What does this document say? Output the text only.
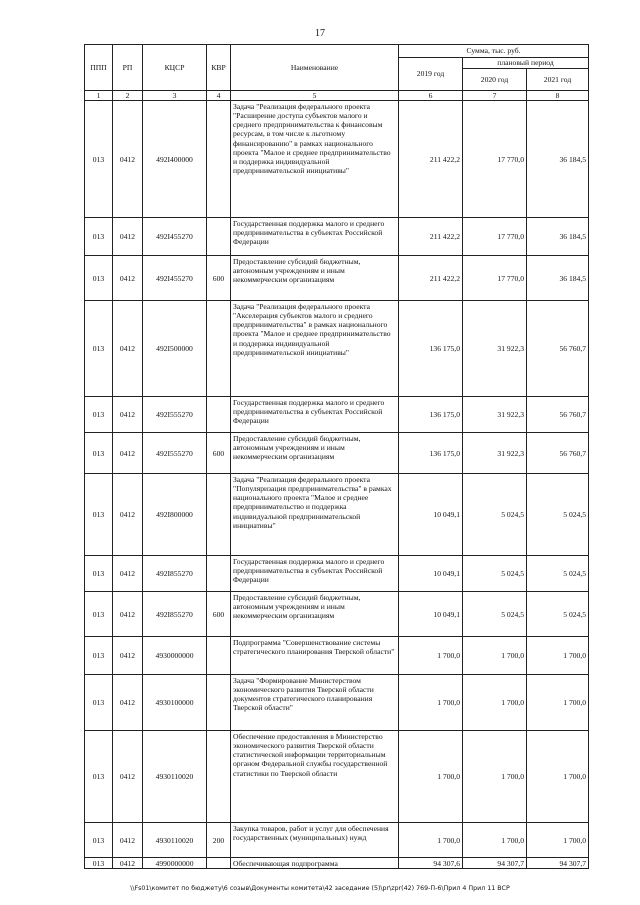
17
ППП	РП	КЦСР	КВР	Наименование	Сумма, тыс. руб.		
					2019 год	плановый период	
						2020 год	2021 год
1	2	3	4	5	6	7	8
013	0412	492I400000		Задача "Реализация федерального проекта "Расширение доступа субъектов малого и среднего предпринимательства к финансовым ресурсам, в том числе к льготному финансированию" в рамках национального проекта "Малое и среднее предпринимательство и поддержка индивидуальной предпринимательской инициативы"	211 422,2	17 770,0	36 184,5
013	0412	492I455270		Государственная поддержка малого и среднего предпринимательства в субъектах Российской Федерации	211 422,2	17 770,0	36 184,5
013	0412	492I455270	600	Предоставление субсидий бюджетным, автономным учреждениям и иным некоммерческим организациям	211 422,2	17 770,0	36 184,5
013	0412	492I500000		Задача "Реализация федерального проекта "Акселерация субъектов малого и среднего предпринимательства" в рамках национального проекта "Малое и среднее предпринимательство и поддержка индивидуальной предпринимательской инициативы"	136 175,0	31 922,3	56 760,7
013	0412	492I555270		Государственная поддержка малого и среднего предпринимательства в субъектах Российской Федерации	136 175,0	31 922,3	56 760,7
013	0412	492I555270	600	Предоставление субсидий бюджетным, автономным учреждениям и иным некоммерческим организациям	136 175,0	31 922,3	56 760,7
013	0412	492I800000		Задача "Реализация федерального проекта "Популяризация предпринимательства" в рамках национального проекта "Малое и среднее предпринимательство и поддержка индивидуальной предпринимательской инициативы"	10 049,1	5 024,5	5 024,5
013	0412	492I855270		Государственная поддержка малого и среднего предпринимательства в субъектах Российской Федерации	10 049,1	5 024,5	5 024,5
013	0412	492I855270	600	Предоставление субсидий бюджетным, автономным учреждениям и иным некоммерческим организациям	10 049,1	5 024,5	5 024,5
013	0412	4930000000		Подпрограмма "Совершенствование системы стратегического планирования Тверской области"	1 700,0	1 700,0	1 700,0
013	0412	4930100000		Задача "Формирование Министерством экономического развития Тверской области документов стратегического планирования Тверской области"	1 700,0	1 700,0	1 700,0
013	0412	4930110020		Обеспечение предоставления в Министерство экономического развития Тверской области статистической информации территориальным органом Федеральной службы государственной статистики по Тверской области	1 700,0	1 700,0	1 700,0
013	0412	4930110020	200	Закупка товаров, работ и услуг для обеспечения государственных (муниципальных) нужд	1 700,0	1 700,0	1 700,0
013	0412	4990000000		Обеспечивающая подпрограмма	94 307,6	94 307,7	94 307,7
\\Fs01\комитет по бюджету\6 созыв\Документы комитета\42 заседание (5)\pr\zpr(42) 769-П-6\Прил 4 Прил 11 ВСР
